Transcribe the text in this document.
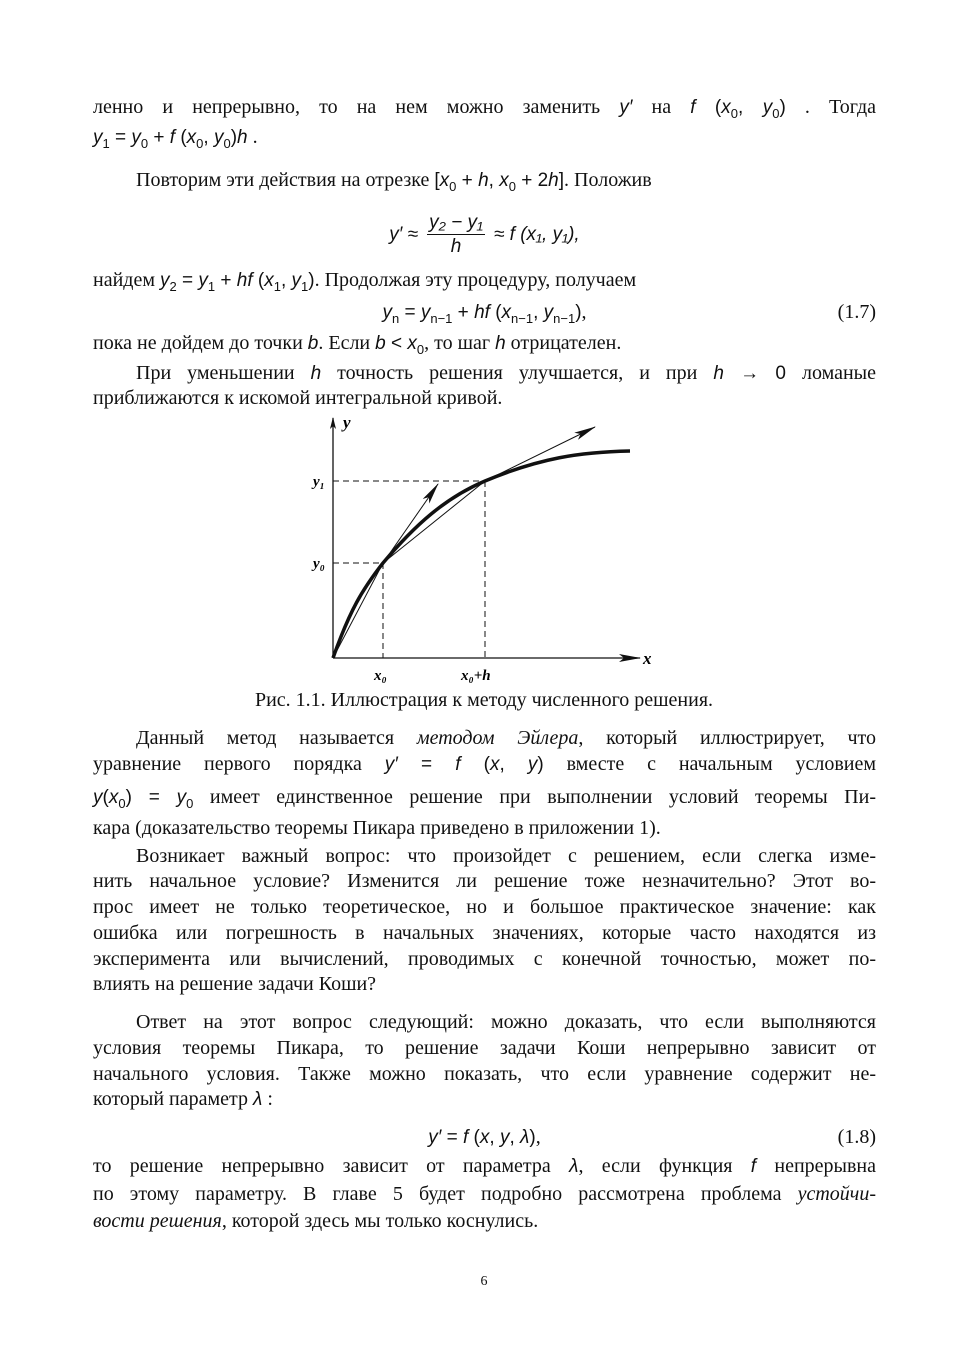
ленно и непрерывно, то на нем можно заменить y′ на f ($x_0$, $y_0$) . Тогда
$y_1 = y_0 + f$ ($x_0$, $y_0)h$ .
Повторим эти действия на отрезке [$x_0 + h$, $x_0 + 2h$]. Положив
$y' \approx \frac{\text{y₂ − y₁}}{h} \approx f$ (x₁, y₁),
найдем $y_2 = y_1$ + hf ($x_1$, $y_1$). Продолжая эту процедуру, получаем
$y_n = y_{n-1}$ + hf ($x_{n-1}$, $y_{n-1}$),	(1.7)
пока не дойдем до точки b. Если $b < x_0$, то шаг h отрицателен.
При уменьшении h точность решения улучшается, и при h → 0 ломаные
приближаются к искомой интегральной кривой.
y
x
y₁
y₀
x₀	x₀+h
Рис. 1.1. Иллюстрация к методу численного решения.
Данный метод называется методом Эйлера, который иллюстрирует, что
уравнение первого порядка y′ = f (x, y) вместе с начальным условием
$y(x_0) = y_0$ имеет единственное решение при выполнении условий теоремы Пи-
кара (доказательство теоремы Пикара приведено в приложении 1).
Возникает важный вопрос: что произойдет с решением, если слегка изме-
нить начальное условие? Изменится ли решение тоже незначительно? Этот во-
прос имеет не только теоретическое, но и большое практическое значение: как
ошибка или погрешность в начальных значениях, которые часто находятся из
эксперимента или вычислений, проводимых с конечной точностью, может по-
влиять на решение задачи Коши?
Ответ на этот вопрос следующий: можно доказать, что если выполняются
условия теоремы Пикара, то решение задачи Коши непрерывно зависит от
начального условия. Также можно показать, что если уравнение содержит не-
который параметр λ :
y′ = f (x, y, λ),	(1.8)
то решение непрерывно зависит от параметра λ, если функция f непрерывна
по этому параметру. В главе 5 будет подробно рассмотрена проблема устойчи-
вости решения, которой здесь мы только коснулись.
6
